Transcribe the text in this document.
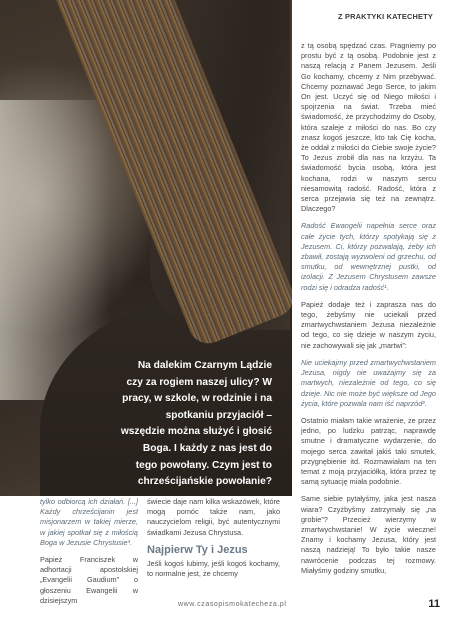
Na dalekim Czarnym Lądzie czy za rogiem naszej ulicy? W pracy, w szkole, w rodzinie i na spotkaniu przyjaciół – wszędzie można służyć i głosić Boga. I każdy z nas jest do tego powołany. Czym jest to chrześcijańskie powołanie?
Z PRAKTYKI KATECHETY

z tą osobą spędzać czas. Pragniemy po prostu być z tą osobą. Podobnie jest z naszą relacją z Panem Jezusem. Jeśli Go kochamy, chcemy z Nim przebywać. Chcemy poznawać Jego Serce, to jakim On jest. Uczyć się od Niego miłości i spojrzenia na świat. Trzeba mieć świadomość, że przychodzimy do Osoby, która szaleje z miłości do nas. Bo czy znasz kogoś jeszcze, kto tak Cię kocha, że oddał z miłości do Ciebie swoje życie? To Jezus zrobił dla nas na krzyżu. Ta świadomość bycia osobą, która jest kochana, rodzi w naszym sercu niesamowitą radość. Radość, która z serca przejawia się też na zewnątrz. Dlaczego?

Radość Ewangelii napełnia serce oraz całe życie tych, którzy spotykają się z Jezusem. Ci, którzy pozwalają, żeby ich zbawił, zostają wyzwoleni od grzechu, od smutku, od wewnętrznej pustki, od izolacji. Z Jezusem Chrystusem zawsze rodzi się i odradza radość¹.

Papież dodaje też i zaprasza nas do tego, żebyśmy nie uciekali przed zmartwychwstaniem Jezusa niezależnie od tego, co się dzieje w naszym życiu, nie zachowywali się jak „martwi”:

Nie uciekajmy przed zmartwychwstaniem Jezusa, nigdy nie uważajmy się za martwych, niezależnie od tego, co się dzieje. Nic nie może być większe od Jego życia, które pozwala nam iść naprzód².

Ostatnio miałam takie wrażenie, że przez jedno, po ludzku patrząc, naprawdę smutne i dramatyczne wydarzenie, do mojego serca zawitał jakiś taki smutek, przygnębienie itd. Rozmawiałam na ten temat z moją przyjaciółką, która przez tę samą sytuację miała podobnie.

Same siebie pytałyśmy, jaka jest nasza wiara? Czyżbyśmy zatrzymały się „na grobie”? Przecież wierzymy w zmartwychwstanie! W życie wieczne! Znamy i kochamy Jezusa, który jest naszą nadzieją! To było takie nasze nawrócenie podczas tej rozmowy. Miałyśmy godziny smutku,

tylko odbiorcą ich działań. [...] Każdy chrześcijanin jest misjonarzem w takiej mierze, w jakiej spotkał się z miłością Boga w Jezusie Chrystusie³.

Papież Franciszek w adhortacji apostolskiej „Evangelii Gaudium” o głoszeniu Ewangelii w dzisiejszym

świecie daje nam kilka wskazówek, które mogą pomóc także nam, jako nauczycielom religii, być autentycznymi świadkami Jezusa Chrystusa.

Najpierw Ty i Jezus

Jeśli kogoś lubimy, jeśli kogoś kochamy, to normalne jest, że chcemy

www.czasopismokatecheza.pl	11
